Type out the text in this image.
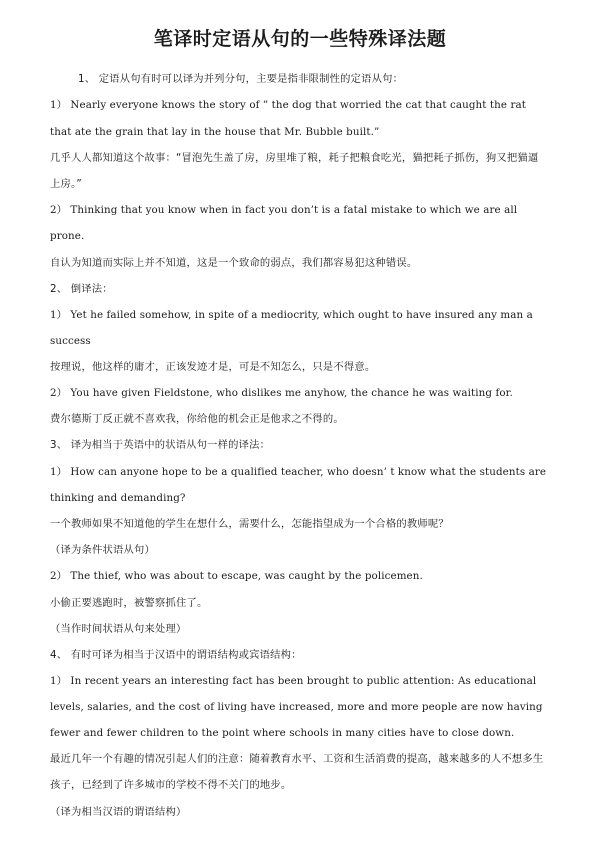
笔译时定语从句的一些特殊译法题
1、 定语从句有时可以译为并列分句，主要是指非限制性的定语从句：
1） Nearly everyone knows the story of ” the dog that worried the cat that caught the rat
that ate the grain that lay in the house that Mr. Bubble built.”
几乎人人都知道这个故事：“冒泡先生盖了房，房里堆了粮，耗子把粮食吃光，猫把耗子抓伤，狗又把猫逼
上房。”
2） Thinking that you know when in fact you don’t is a fatal mistake to which we are all
prone.
自认为知道而实际上并不知道，这是一个致命的弱点，我们都容易犯这种错误。
2、 倒译法：
1） Yet he failed somehow, in spite of a mediocrity, which ought to have insured any man a
success
按理说，他这样的庸才，正该发迹才是，可是不知怎么，只是不得意。
2） You have given Fieldstone, who dislikes me anyhow, the chance he was waiting for.
费尔德斯丁反正就不喜欢我，你给他的机会正是他求之不得的。
3、 译为相当于英语中的状语从句一样的译法：
1） How can anyone hope to be a qualified teacher, who doesn’ t know what the students are
thinking and demanding?
一个教师如果不知道他的学生在想什么，需要什么，怎能指望成为一个合格的教师呢？
（译为条件状语从句）
2） The thief, who was about to escape, was caught by the policemen.
小偷正要逃跑时，被警察抓住了。
（当作时间状语从句来处理）
4、 有时可译为相当于汉语中的谓语结构或宾语结构：
1） In recent years an interesting fact has been brought to public attention: As educational
levels, salaries, and the cost of living have increased, more and more people are now having
fewer and fewer children to the point where schools in many cities have to close down.
最近几年一个有趣的情况引起人们的注意：随着教育水平、工资和生活消费的提高，越来越多的人不想多生
孩子，已经到了许多城市的学校不得不关门的地步。
（译为相当汉语的谓语结构）
